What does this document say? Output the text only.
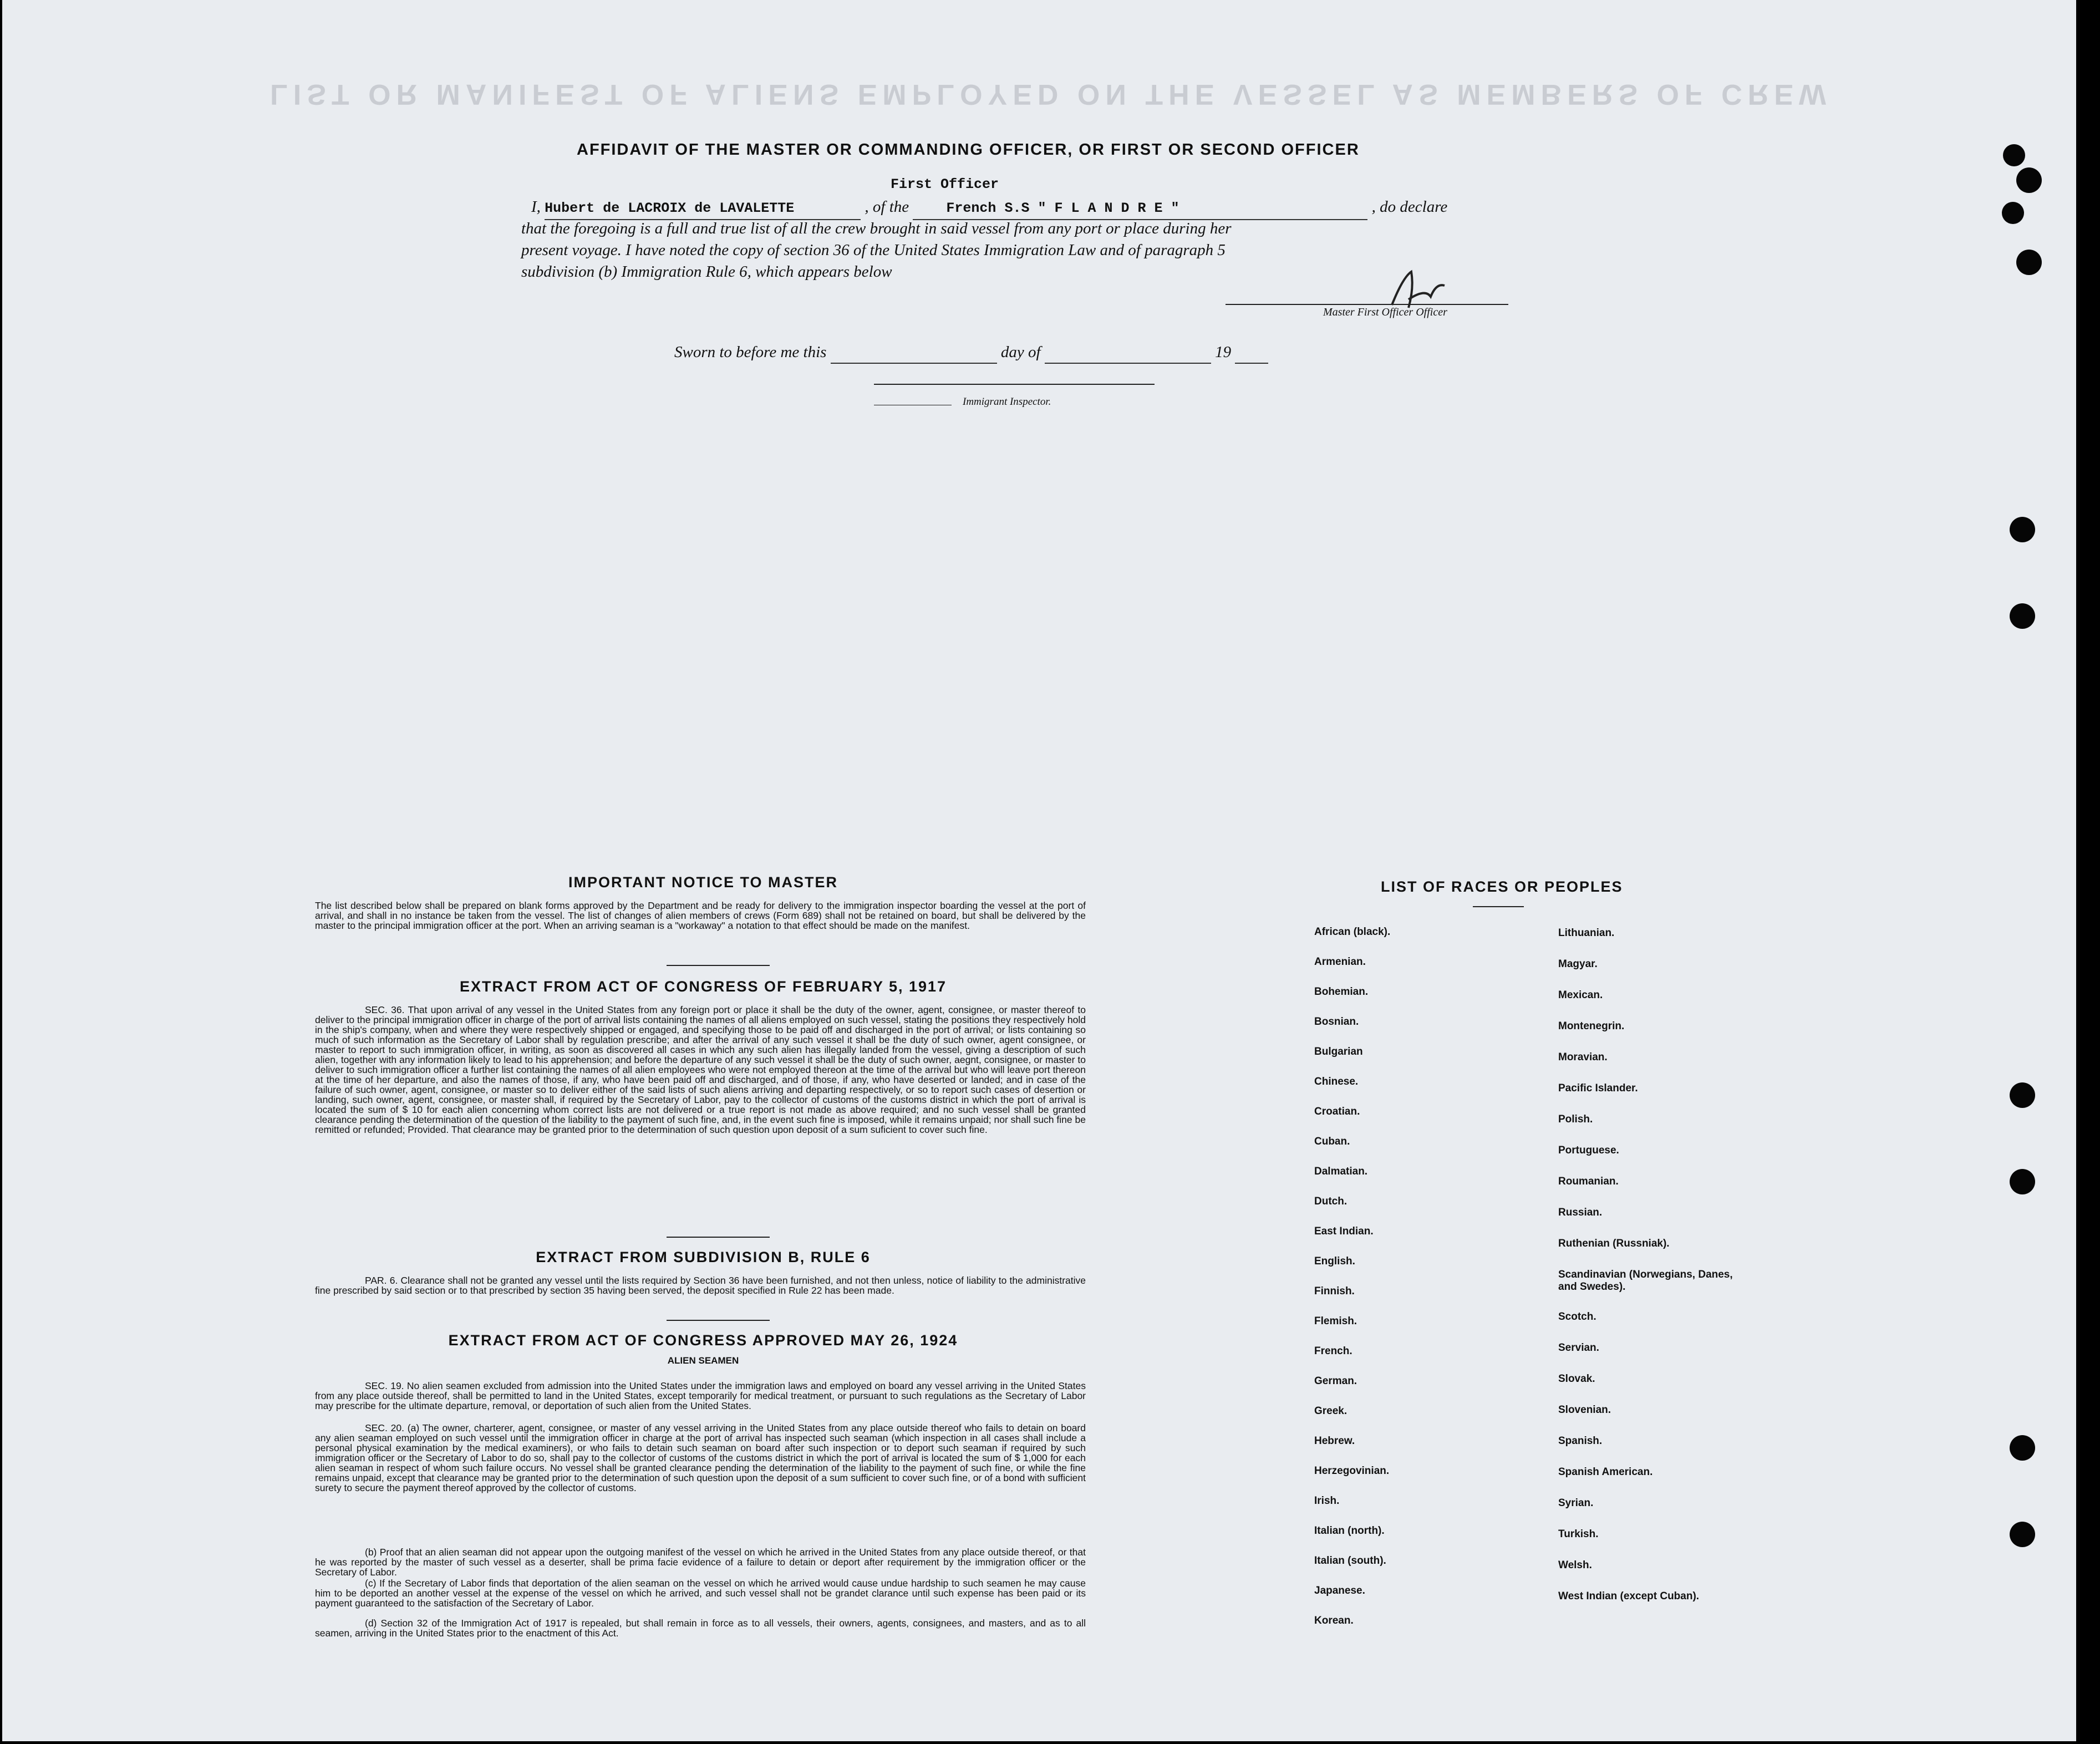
LIST OR MANIFEST OF ALIENS EMPLOYED ON THE VESSEL AS MEMBERS OF CREW
AFFIDAVIT OF THE MASTER OR COMMANDING OFFICER, OR FIRST OR SECOND OFFICER
First Officer
I, Hubert de LACROIX de LAVALETTE	, of the	French S.S " F L A N D R E "	, do declare
that the foregoing is a full and true list of all the crew brought in said vessel from any port or place during her
present voyage. I have noted the copy of section 36 of the United States Immigration Law and of paragraph 5
subdivision (b) Immigration Rule 6, which appears below
Master First Officer Officer
Sworn to before me this	day of	19
Immigrant Inspector.
IMPORTANT NOTICE TO MASTER
The list described below shall be prepared on blank forms approved by the Department and be ready for delivery to the immigration inspector boarding the vessel at the port of arrival, and shall in no instance be taken from the vessel. The list of changes of alien members of crews (Form 689) shall not be retained on board, but shall be delivered by the master to the principal immigration officer at the port. When an arriving seaman is a "workaway" a notation to that effect should be made on the manifest.
EXTRACT FROM ACT OF CONGRESS OF FEBRUARY 5, 1917
SEC. 36. That upon arrival of any vessel in the United States from any foreign port or place it shall be the duty of the owner, agent, consignee, or master thereof to deliver to the principal immigration officer in charge of the port of arrival lists containing the names of all aliens employed on such vessel, stating the positions they respectively hold in the ship's company, when and where they were respectively shipped or engaged, and specifying those to be paid off and discharged in the port of arrival; or lists containing so much of such information as the Secretary of Labor shall by regulation prescribe; and after the arrival of any such vessel it shall be the duty of such owner, agent consignee, or master to report to such immigration officer, in writing, as soon as discovered all cases in which any such alien has illegally landed from the vessel, giving a description of such alien, together with any information likely to lead to his apprehension; and before the departure of any such vessel it shall be the duty of such owner, aegnt, consignee, or master to deliver to such immigration officer a further list containing the names of all alien employees who were not employed thereon at the time of the arrival but who will leave port thereon at the time of her departure, and also the names of those, if any, who have been paid off and discharged, and of those, if any, who have deserted or landed; and in case of the failure of such owner, agent, consignee, or master so to deliver either of the said lists of such aliens arriving and departing respectively, or so to report such cases of desertion or landing, such owner, agent, consignee, or master shall, if required by the Secretary of Labor, pay to the collector of customs of the customs district in which the port of arrival is located the sum of $ 10 for each alien concerning whom correct lists are not delivered or a true report is not made as above required; and no such vessel shall be granted clearance pending the determination of the question of the liability to the payment of such fine, and, in the event such fine is imposed, while it remains unpaid; nor shall such fine be remitted or refunded; Provided. That clearance may be granted prior to the determination of such question upon deposit of a sum suficient to cover such fine.
EXTRACT FROM SUBDIVISION B, RULE 6
PAR. 6. Clearance shall not be granted any vessel until the lists required by Section 36 have been furnished, and not then unless, notice of liability to the administrative fine prescribed by said section or to that prescribed by section 35 having been served, the deposit specified in Rule 22 has been made.
EXTRACT FROM ACT OF CONGRESS APPROVED MAY 26, 1924
ALIEN SEAMEN
SEC. 19. No alien seamen excluded from admission into the United States under the immigration laws and employed on board any vessel arriving in the United States from any place outside thereof, shall be permitted to land in the United States, except temporarily for medical treatment, or pursuant to such regulations as the Secretary of Labor may prescribe for the ultimate departure, removal, or deportation of such alien from the United States.
SEC. 20. (a) The owner, charterer, agent, consignee, or master of any vessel arriving in the United States from any place outside thereof who fails to detain on board any alien seaman employed on such vessel until the immigration officer in charge at the port of arrival has inspected such seaman (which inspection in all cases shall include a personal physical examination by the medical examiners), or who fails to detain such seaman on board after such inspection or to deport such seaman if required by such immigration officer or the Secretary of Labor to do so, shall pay to the collector of customs of the customs district in which the port of arrival is located the sum of $ 1,000 for each alien seaman in respect of whom such failure occurs. No vessel shall be granted clearance pending the determination of the liability to the payment of such fine, or while the fine remains unpaid, except that clearance may be granted prior to the determination of such question upon the deposit of a sum sufficient to cover such fine, or of a bond with sufficient surety to secure the payment thereof approved by the collector of customs.
(b) Proof that an alien seaman did not appear upon the outgoing manifest of the vessel on which he arrived in the United States from any place outside thereof, or that he was reported by the master of such vessel as a deserter, shall be prima facie evidence of a failure to detain or deport after requirement by the immigration officer or the Secretary of Labor.
(c) If the Secretary of Labor finds that deportation of the alien seaman on the vessel on which he arrived would cause undue hardship to such seamen he may cause him to be deported an another vessel at the expense of the vessel on which he arrived, and such vessel shall not be grandet clarance until such expense has been paid or its payment guaranteed to the satisfaction of the Secretary of Labor.
(d) Section 32 of the Immigration Act of 1917 is repealed, but shall remain in force as to all vessels, their owners, agents, consignees, and masters, and as to all seamen, arriving in the United States prior to the enactment of this Act.
LIST OF RACES OR PEOPLES
African (black).
Armenian.
Bohemian.
Bosnian.
Bulgarian
Chinese.
Croatian.
Cuban.
Dalmatian.
Dutch.
East Indian.
English.
Finnish.
Flemish.
French.
German.
Greek.
Hebrew.
Herzegovinian.
Irish.
Italian (north).
Italian (south).
Japanese.
Korean.
Lithuanian.
Magyar.
Mexican.
Montenegrin.
Moravian.
Pacific Islander.
Polish.
Portuguese.
Roumanian.
Russian.
Ruthenian (Russniak).
Scandinavian (Norwegians, Danes, and Swedes).
Scotch.
Servian.
Slovak.
Slovenian.
Spanish.
Spanish American.
Syrian.
Turkish.
Welsh.
West Indian (except Cuban).
